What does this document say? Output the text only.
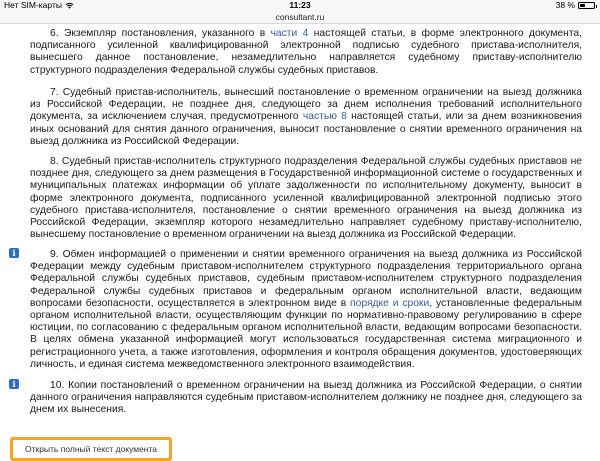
Нет SIM-карты	11:23	38 %
consultant.ru

6. Экземпляр постановления, указанного в части 4 настоящей статьи, в форме электронного документа, подписанного усиленной квалифицированной электронной подписью судебного пристава-исполнителя, вынесшего данное постановление, незамедлительно направляется судебному приставу-исполнителю структурного подразделения Федеральной службы судебных приставов.

7. Судебный пристав-исполнитель, вынесший постановление о временном ограничении на выезд должника из Российской Федерации, не позднее дня, следующего за днем исполнения требований исполнительного документа, за исключением случая, предусмотренного частью 8 настоящей статьи, или за днем возникновения иных оснований для снятия данного ограничения, выносит постановление о снятии временного ограничения на выезд должника из Российской Федерации.

8. Судебный пристав-исполнитель структурного подразделения Федеральной службы судебных приставов не позднее дня, следующего за днем размещения в Государственной информационной системе о государственных и муниципальных платежах информации об уплате задолженности по исполнительному документу, выносит в форме электронного документа, подписанного усиленной квалифицированной электронной подписью этого судебного пристава-исполнителя, постановление о снятии временного ограничения на выезд должника из Российской Федерации, экземпляр которого незамедлительно направляет судебному приставу-исполнителю, вынесшему постановление о временном ограничении на выезд должника из Российской Федерации.

i	9. Обмен информацией о применении и снятии временного ограничения на выезд должника из Российской Федерации между судебным приставом-исполнителем структурного подразделения территориального органа Федеральной службы судебных приставов, судебным приставом-исполнителем структурного подразделения Федеральной службы судебных приставов и федеральным органом исполнительной власти, ведающим вопросами безопасности, осуществляется в электронном виде в порядке и сроки, установленные федеральным органом исполнительной власти, осуществляющим функции по нормативно-правовому регулированию в сфере юстиции, по согласованию с федеральным органом исполнительной власти, ведающим вопросами безопасности. В целях обмена указанной информацией могут использоваться государственная система миграционного и регистрационного учета, а также изготовления, оформления и контроля обращения документов, удостоверяющих личность, и единая система межведомственного электронного взаимодействия.

i	10. Копии постановлений о временном ограничении на выезд должника из Российской Федерации, о снятии данного ограничения направляются судебным приставом-исполнителем должнику не позднее дня, следующего за днем их вынесения.

Открыть полный текст документа
